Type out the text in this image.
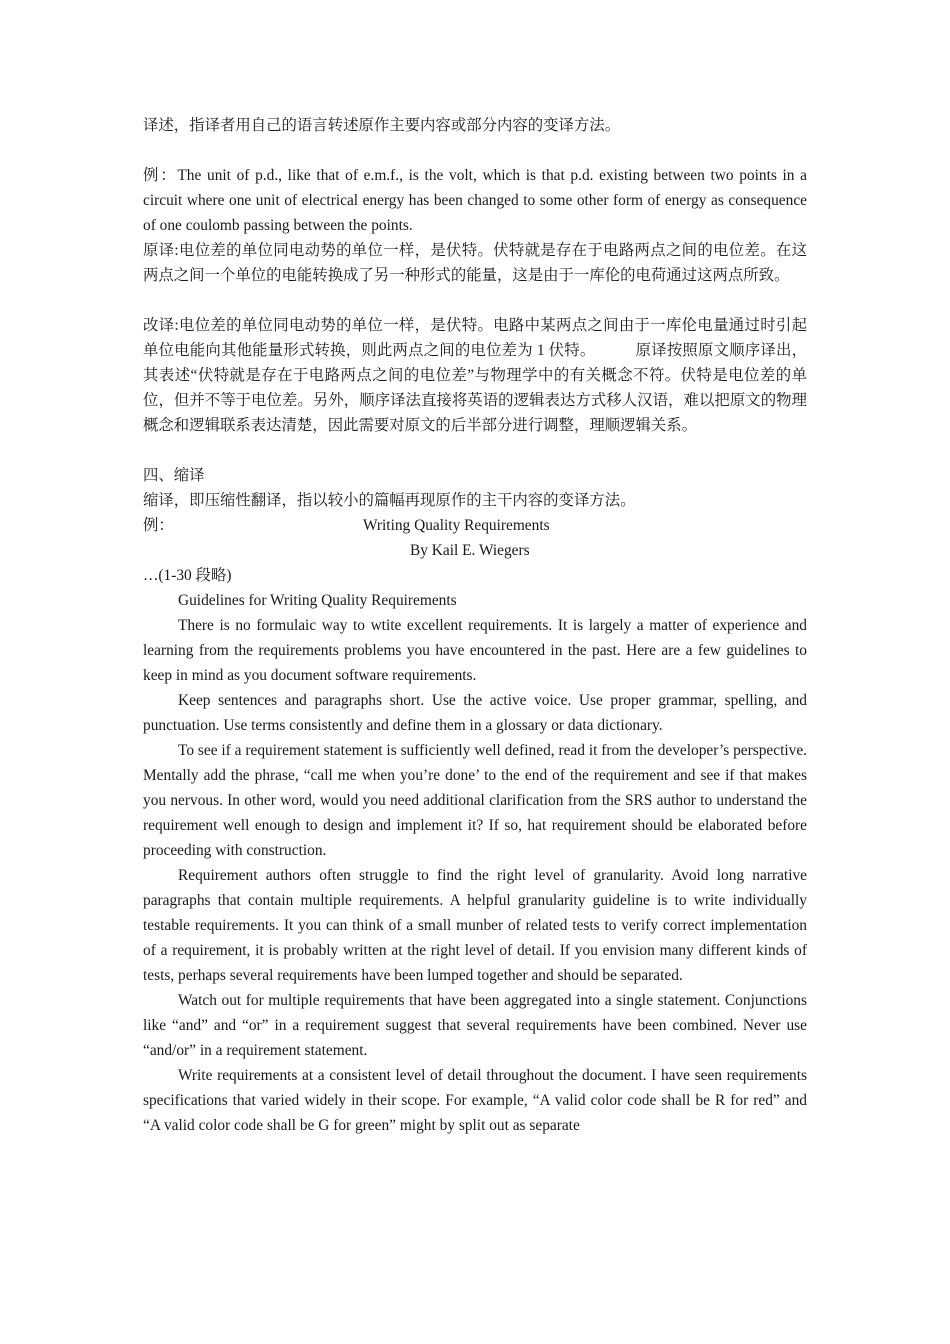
译述，指译者用自己的语言转述原作主要内容或部分内容的变译方法。

例：The unit of p.d., like that of e.m.f., is the volt, which is that p.d. existing between two points in a circuit where one unit of electrical energy has been changed to some other form of energy as consequence of one coulomb passing between the points.

原译:电位差的单位同电动势的单位一样，是伏特。伏特就是存在于电路两点之间的电位差。在这两点之间一个单位的电能转换成了另一种形式的能量，这是由于一库伦的电荷通过这两点所致。

改译:电位差的单位同电动势的单位一样，是伏特。电路中某两点之间由于一库伦电量通过时引起单位电能向其他能量形式转换，则此两点之间的电位差为 1 伏特。	原译按照原文顺序译出，其表述“伏特就是存在于电路两点之间的电位差”与物理学中的有关概念不符。伏特是电位差的单位，但并不等于电位差。另外，顺序译法直接将英语的逻辑表达方式移人汉语，难以把原文的物理概念和逻辑联系表达清楚，因此需要对原文的后半部分进行调整，理顺逻辑关系。

四、缩译

缩译，即压缩性翻译，指以较小的篇幅再现原作的主干内容的变译方法。

例：	Writing Quality Requirements

By Kail E. Wiegers

…(1-30 段略)

Guidelines for Writing Quality Requirements

There is no formulaic way to wtite excellent requirements. It is largely a matter of experience and learning from the requirements problems you have encountered in the past. Here are a few guidelines to keep in mind as you document software requirements.

Keep sentences and paragraphs short. Use the active voice. Use proper grammar, spelling, and punctuation. Use terms consistently and define them in a glossary or data dictionary.

To see if a requirement statement is sufficiently well defined, read it from the developer’s perspective. Mentally add the phrase, “call me when you’re done’ to the end of the requirement and see if that makes you nervous. In other word, would you need additional clarification from the SRS author to understand the requirement well enough to design and implement it? If so, hat requirement should be elaborated before proceeding with construction.

Requirement authors often struggle to find the right level of granularity. Avoid long narrative paragraphs that contain multiple requirements. A helpful granularity guideline is to write individually testable requirements. It you can think of a small munber of related tests to verify correct implementation of a requirement, it is probably written at the right level of detail. If you envision many different kinds of tests, perhaps several requirements have been lumped together and should be separated.

Watch out for multiple requirements that have been aggregated into a single statement. Conjunctions like “and” and “or” in a requirement suggest that several requirements have been combined. Never use “and/or” in a requirement statement.

Write requirements at a consistent level of detail throughout the document. I have seen requirements specifications that varied widely in their scope. For example, “A valid color code shall be R for red” and “A valid color code shall be G for green” might by split out as separate
